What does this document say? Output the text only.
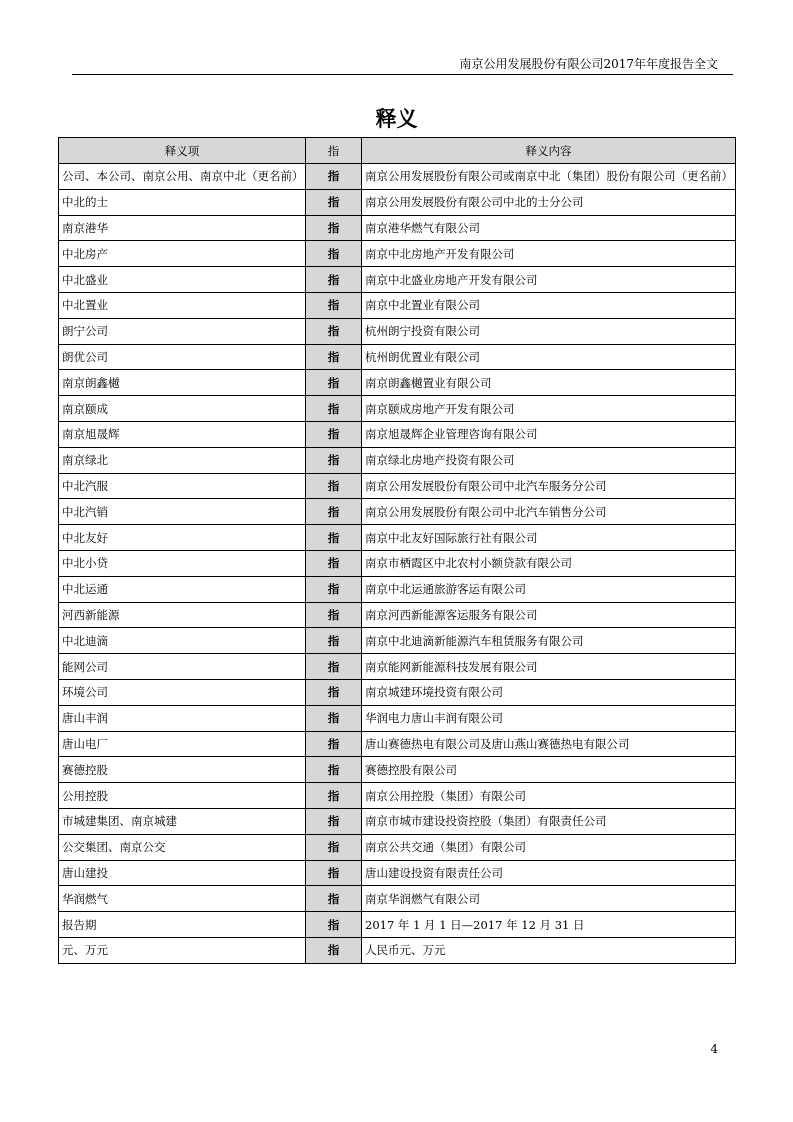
南京公用发展股份有限公司2017年年度报告全文
释义
释义项	指	释义内容
公司、本公司、南京公用、南京中北（更名前）	指	南京公用发展股份有限公司或南京中北（集团）股份有限公司（更名前）
中北的士	指	南京公用发展股份有限公司中北的士分公司
南京港华	指	南京港华燃气有限公司
中北房产	指	南京中北房地产开发有限公司
中北盛业	指	南京中北盛业房地产开发有限公司
中北置业	指	南京中北置业有限公司
朗宁公司	指	杭州朗宁投资有限公司
朗优公司	指	杭州朗优置业有限公司
南京朗鑫樾	指	南京朗鑫樾置业有限公司
南京颐成	指	南京颐成房地产开发有限公司
南京旭晟辉	指	南京旭晟辉企业管理咨询有限公司
南京绿北	指	南京绿北房地产投资有限公司
中北汽服	指	南京公用发展股份有限公司中北汽车服务分公司
中北汽销	指	南京公用发展股份有限公司中北汽车销售分公司
中北友好	指	南京中北友好国际旅行社有限公司
中北小贷	指	南京市栖霞区中北农村小额贷款有限公司
中北运通	指	南京中北运通旅游客运有限公司
河西新能源	指	南京河西新能源客运服务有限公司
中北迪滴	指	南京中北迪滴新能源汽车租赁服务有限公司
能网公司	指	南京能网新能源科技发展有限公司
环境公司	指	南京城建环境投资有限公司
唐山丰润	指	华润电力唐山丰润有限公司
唐山电厂	指	唐山赛德热电有限公司及唐山燕山赛德热电有限公司
赛德控股	指	赛德控股有限公司
公用控股	指	南京公用控股（集团）有限公司
市城建集团、南京城建	指	南京市城市建设投资控股（集团）有限责任公司
公交集团、南京公交	指	南京公共交通（集团）有限公司
唐山建投	指	唐山建设投资有限责任公司
华润燃气	指	南京华润燃气有限公司
报告期	指	2017 年 1 月 1 日—2017 年 12 月 31 日
元、万元	指	人民币元、万元
4
